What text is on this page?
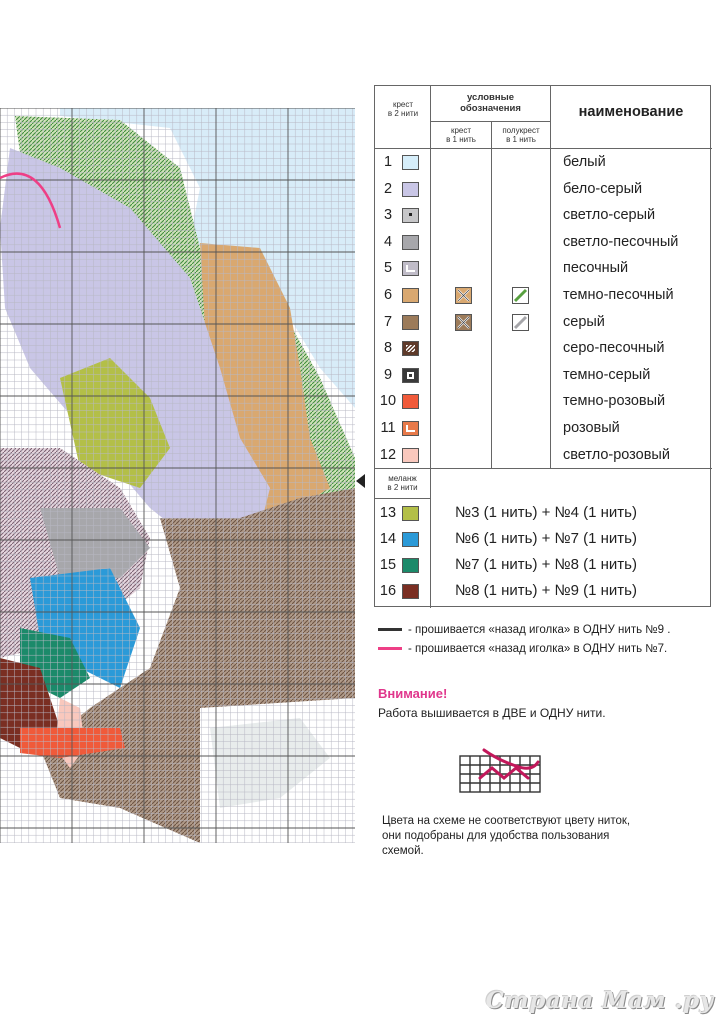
крест
в 2 нити
условные
обозначения
крест
в 1 нить
полукрест
в 1 нить
наименование
1	белый
2	бело-серый
3	светло-серый
4	светло-песочный
5	песочный
6	темно-песочный
7	серый
8	серо-песочный
9	темно-серый
10	темно-розовый
11	розовый
12	светло-розовый
меланж
в 2 нити
13	№3 (1 нить) + №4 (1 нить)
14	№6 (1 нить) + №7 (1 нить)
15	№7 (1 нить) + №8 (1 нить)
16	№8 (1 нить) + №9 (1 нить)
- прошивается «назад иголка» в ОДНУ нить №9 .
- прошивается «назад иголка» в ОДНУ нить №7.
Внимание!
Работа вышивается в ДВЕ и ОДНУ нити.
Цвета на схеме не соответствуют цвету ниток, они подобраны для удобства пользования схемой.
Страна Мам .ру
